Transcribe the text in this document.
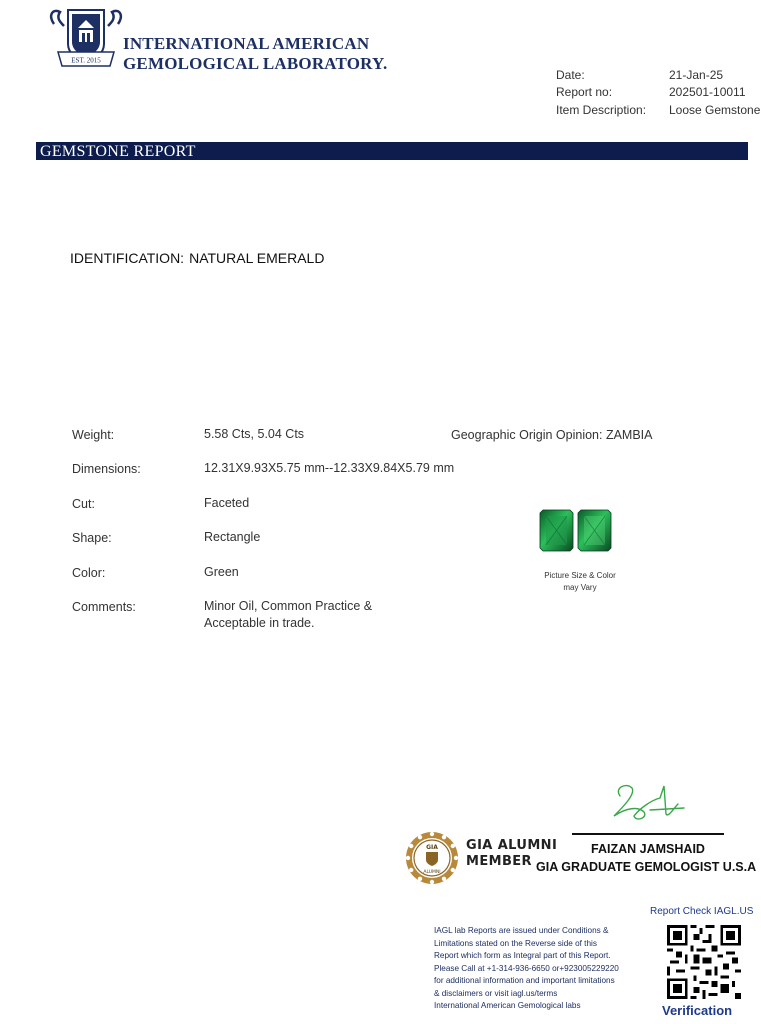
EST. 2015
INTERNATIONAL AMERICAN
GEMOLOGICAL LABORATORY.
Date:	21-Jan-25
Report no:	202501-10011
Item Description:	Loose Gemstone
GEMSTONE REPORT
IDENTIFICATION: NATURAL EMERALD
Weight:	5.58 Cts, 5.04 Cts	Geographic Origin Opinion: ZAMBIA
Dimensions:	12.31X9.93X5.75 mm--12.33X9.84X5.79 mm
Cut:	Faceted
Shape:	Rectangle
Color:	Green
Comments:	Minor Oil, Common Practice &
Acceptable in trade.
Picture Size & Color
may Vary
FAIZAN JAMSHAID
GIA GRADUATE GEMOLOGIST U.S.A
GIA
ALUMNI
GIA ALUMNI
MEMBER
Report Check IAGL.US
IAGL lab Reports are issued under Conditions &
Limitations stated on the Reverse side of this
Report which form as Integral part of this Report.
Please Call at +1-314-936-6650 or+923005229220
for additional information and important limitations
& disclaimers or visit iagl.us/terms
International American Gemological labs	Verification
